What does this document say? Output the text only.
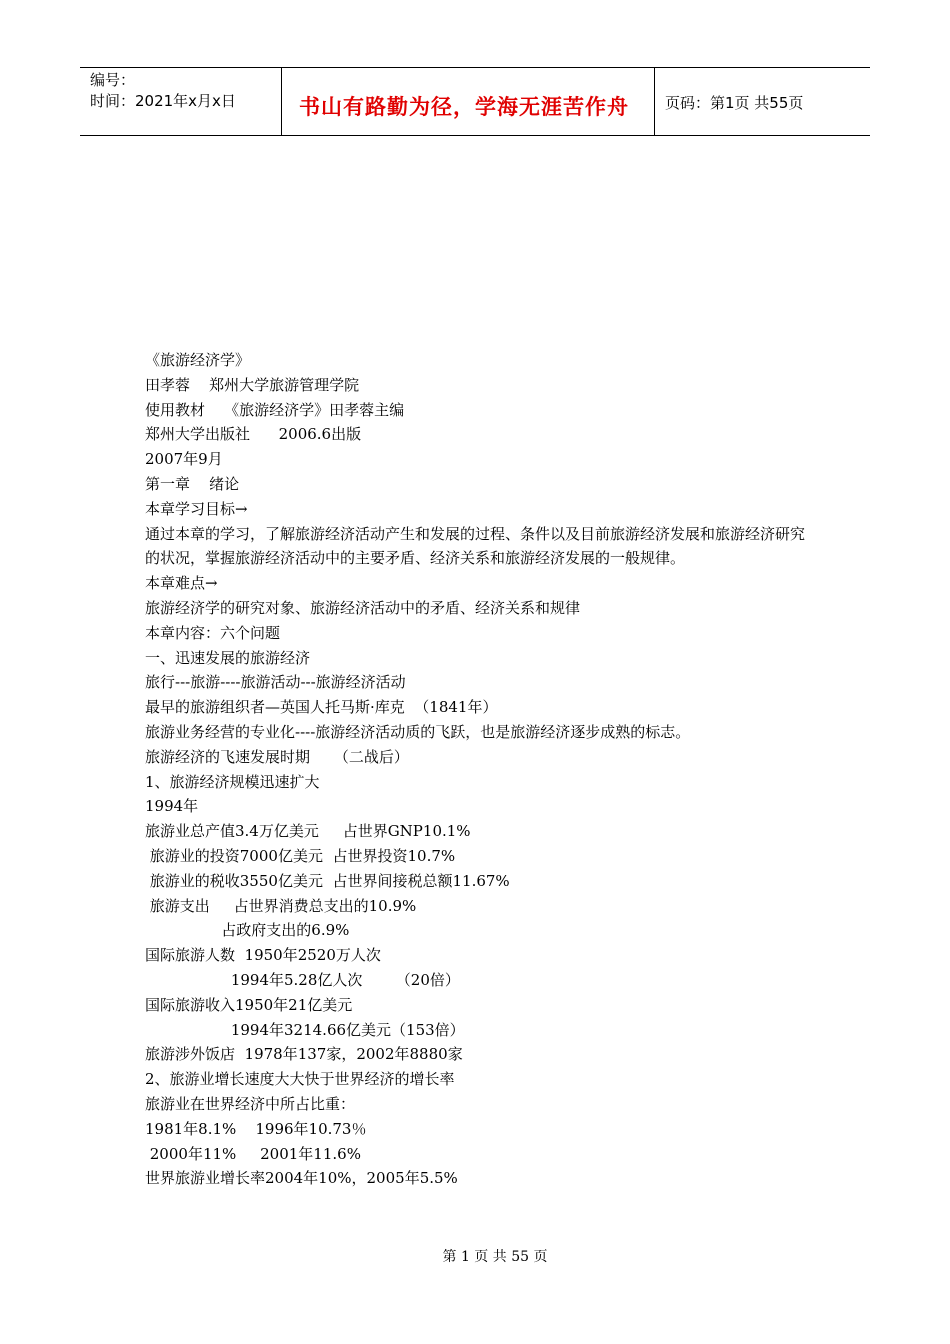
编号：
时间：2021年x月x日	书山有路勤为径，学海无涯苦作舟 页码：第1页 共55页
《旅游经济学》
田孝蓉    郑州大学旅游管理学院
使用教材    《旅游经济学》田孝蓉主编
郑州大学出版社      2006.6出版
2007年9月
第一章    绪论
本章学习目标→
通过本章的学习，了解旅游经济活动产生和发展的过程、条件以及目前旅游经济发展和旅游经济研究的状况，掌握旅游经济活动中的主要矛盾、经济关系和旅游经济发展的一般规律。
本章难点→
旅游经济学的研究对象、旅游经济活动中的矛盾、经济关系和规律
本章内容：六个问题
一、迅速发展的旅游经济
旅行---旅游----旅游活动---旅游经济活动
最早的旅游组织者—英国人托马斯·库克  （1841年）
旅游业务经营的专业化----旅游经济活动质的飞跃，也是旅游经济逐步成熟的标志。
旅游经济的飞速发展时期     （二战后）
1、旅游经济规模迅速扩大
1994年
旅游业总产值3.4万亿美元     占世界GNP10.1%
旅游业的投资7000亿美元  占世界投资10.7%
旅游业的税收3550亿美元  占世界间接税总额11.67%
旅游支出     占世界消费总支出的10.9%
占政府支出的6.9%
国际旅游人数  1950年2520万人次
1994年5.28亿人次       （20倍）
国际旅游收入1950年21亿美元
1994年3214.66亿美元（153倍）
旅游涉外饭店  1978年137家，2002年8880家
2、旅游业增长速度大大快于世界经济的增长率
旅游业在世界经济中所占比重：
1981年8.1%    1996年10.73％
2000年11%     2001年11.6%
世界旅游业增长率2004年10%，2005年5.5%
第 1 页 共 55 页
